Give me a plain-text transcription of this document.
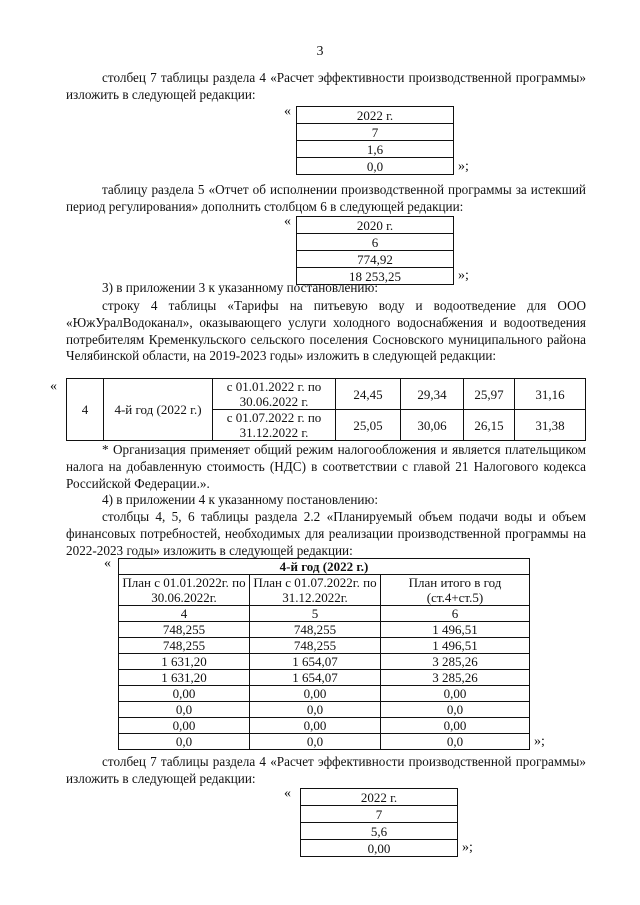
3
столбец 7 таблицы раздела 4 «Расчет эффективности производственной программы» изложить в следующей редакции:
«	2022 г.
7
1,6
0,0	»;
таблицу раздела 5 «Отчет об исполнении производственной программы за истекший период регулирования» дополнить столбцом 6 в следующей редакции:
«	2020 г.
6
774,92
18 253,25	»;
3) в приложении 3 к указанному постановлению:
строку 4 таблицы «Тарифы на питьевую воду и водоотведение для ООО «ЮжУралВодоканал», оказывающего услуги холодного водоснабжения и водоотведения потребителям Кременкульского сельского поселения Сосновского муниципального района Челябинской области, на 2019-2023 годы» изложить в следующей редакции:
«
4	4-й год (2022 г.)	с 01.01.2022 г. по 30.06.2022 г.	24,45	29,34	25,97	31,16
		с 01.07.2022 г. по 31.12.2022 г.	25,05	30,06	26,15	31,38
* Организация применяет общий режим налогообложения и является плательщиком налога на добавленную стоимость (НДС) в соответствии с главой 21 Налогового кодекса Российской Федерации.».
4) в приложении 4 к указанному постановлению:
столбцы 4, 5, 6 таблицы раздела 2.2 «Планируемый объем подачи воды и объем финансовых потребностей, необходимых для реализации производственной программы на 2022-2023 годы» изложить в следующей редакции:
«	4-й год (2022 г.)		
План с 01.01.2022г. по 30.06.2022г.	План с 01.07.2022г. по 31.12.2022г.	План итого в год (ст.4+ст.5)
4	5	6
748,255	748,255	1 496,51
748,255	748,255	1 496,51
1 631,20	1 654,07	3 285,26
1 631,20	1 654,07	3 285,26
0,00	0,00	0,00
0,0	0,0	0,0
0,00	0,00	0,00
0,0	0,0	0,0	»;
столбец 7 таблицы раздела 4 «Расчет эффективности производственной программы» изложить в следующей редакции:
«	2022 г.
7
5,6
0,00	»;
